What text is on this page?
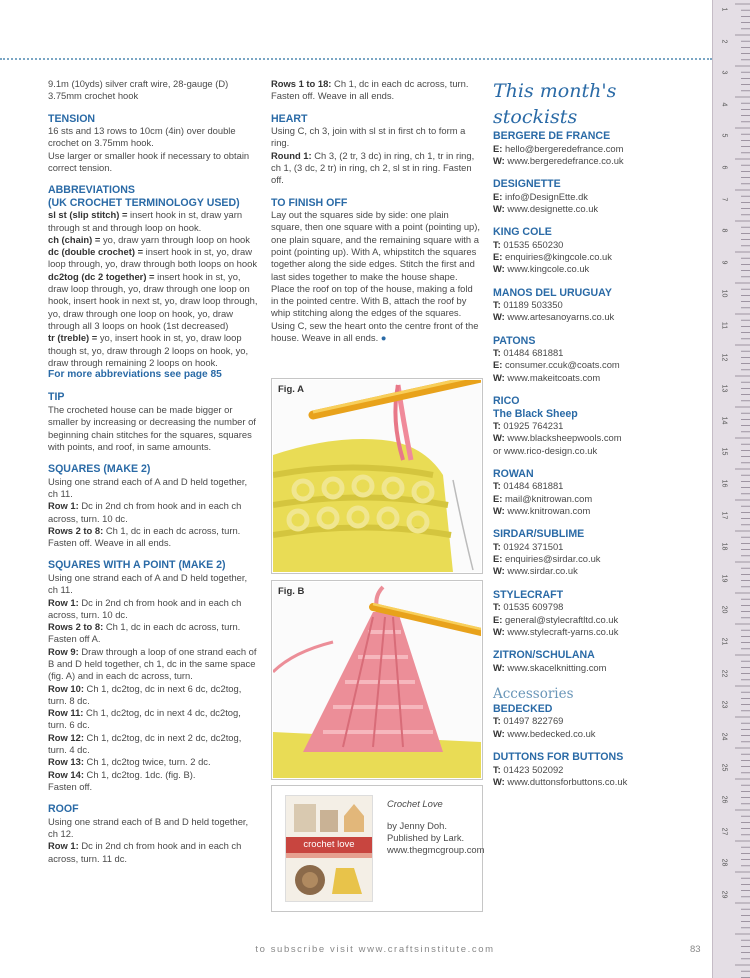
9.1m (10yds) silver craft wire, 28-gauge (D)

3.75mm crochet hook

TENSION

16 sts and 13 rows to 10cm (4in) over double crochet on 3.75mm hook.

Use larger or smaller hook if necessary to obtain correct tension.

ABBREVIATIONS

(UK CROCHET TERMINOLOGY USED)

sl st (slip stitch) = insert hook in st, draw yarn through st and through loop on hook.

ch (chain) = yo, draw yarn through loop on hook

dc (double crochet) = insert hook in st, yo, draw loop through, yo, draw through both loops on hook

dc2tog (dc 2 together) = insert hook in st, yo, draw loop through, yo, draw through one loop on hook, insert hook in next st, yo, draw loop through, yo, draw through one loop on hook, yo, draw through all 3 loops on hook (1st decreased)

tr (treble) = yo, insert hook in st, yo, draw loop though st, yo, draw through 2 loops on hook, yo, draw through remaining 2 loops on hook.

For more abbreviations see page 85

TIP

The crocheted house can be made bigger or smaller by increasing or decreasing the number of beginning chain stitches for the squares, squares with points, and roof, in same amounts.

SQUARES (MAKE 2)

Using one strand each of A and D held together, ch 11.

Row 1: Dc in 2nd ch from hook and in each ch across, turn. 10 dc.

Rows 2 to 8: Ch 1, dc in each dc across, turn. Fasten off. Weave in all ends.

SQUARES WITH A POINT (MAKE 2)

Using one strand each of A and D held together, ch 11.

Row 1: Dc in 2nd ch from hook and in each ch across, turn. 10 dc.

Rows 2 to 8: Ch 1, dc in each dc across, turn. Fasten off A.

Row 9: Draw through a loop of one strand each of B and D held together, ch 1, dc in the same space (fig. A) and in each dc across, turn.

Row 10: Ch 1, dc2tog, dc in next 6 dc, dc2tog, turn. 8 dc.

Row 11: Ch 1, dc2tog, dc in next 4 dc, dc2tog, turn. 6 dc.

Row 12: Ch 1, dc2tog, dc in next 2 dc, dc2tog, turn. 4 dc.

Row 13: Ch 1, dc2tog twice, turn. 2 dc.

Row 14: Ch 1, dc2tog. 1dc. (fig. B).

Fasten off.

ROOF

Using one strand each of B and D held together, ch 12.

Row 1: Dc in 2nd ch from hook and in each ch across, turn. 11 dc.

Rows 1 to 18: Ch 1, dc in each dc across, turn. Fasten off. Weave in all ends.

HEART

Using C, ch 3, join with sl st in first ch to form a ring.

Round 1: Ch 3, (2 tr, 3 dc) in ring, ch 1, tr in ring, ch 1, (3 dc, 2 tr) in ring, ch 2, sl st in ring. Fasten off.

TO FINISH OFF

Lay out the squares side by side: one plain square, then one square with a point (pointing up), one plain square, and the remaining square with a point (pointing up). With A, whipstitch the squares together along the side edges. Stitch the first and last sides together to make the house shape. Place the roof on top of the house, making a fold in the pointed centre. With B, attach the roof by whip stitching along the edges of the squares. Using C, sew the heart onto the centre front of the house. Weave in all ends. ●

Fig. A
Fig. B
crochet love
Crochet Love

by Jenny Doh. Published by Lark. www.thegmcgroup.com

This month's stockists

BERGERE DE FRANCE

E: hello@bergeredefrance.com

W: www.bergeredefrance.co.uk

DESIGNETTE

E: info@DesignEtte.dk

W: www.designette.co.uk

KING COLE

T: 01535 650230

E: enquiries@kingcole.co.uk

W: www.kingcole.co.uk

MANOS DEL URUGUAY

T: 01189 503350

W: www.artesanoyarns.co.uk

PATONS

T: 01484 681881

E: consumer.ccuk@coats.com

W: www.makeitcoats.com

RICO

The Black Sheep

T: 01925 764231

W: www.blacksheepwools.com

or www.rico-design.co.uk

ROWAN

T: 01484 681881

E: mail@knitrowan.com

W: www.knitrowan.com

SIRDAR/SUBLIME

T: 01924 371501

E: enquiries@sirdar.co.uk

W: www.sirdar.co.uk

STYLECRAFT

T: 01535 609798

E: general@stylecraftltd.co.uk

W: www.stylecraft-yarns.co.uk

ZITRON/SCHULANA

W: www.skacelknitting.com

Accessories

BEDECKED

T: 01497 822769

W: www.bedecked.co.uk

DUTTONS FOR BUTTONS

T: 01423 502092

W: www.duttonsforbuttons.co.uk

to subscribe visit www.craftsinstitute.com	83
1
2
3
4
5
6
7
8
9
10
11
12
13
14
15
16
17
18
19
20
21
22
23
24
25
26
27
28
29
